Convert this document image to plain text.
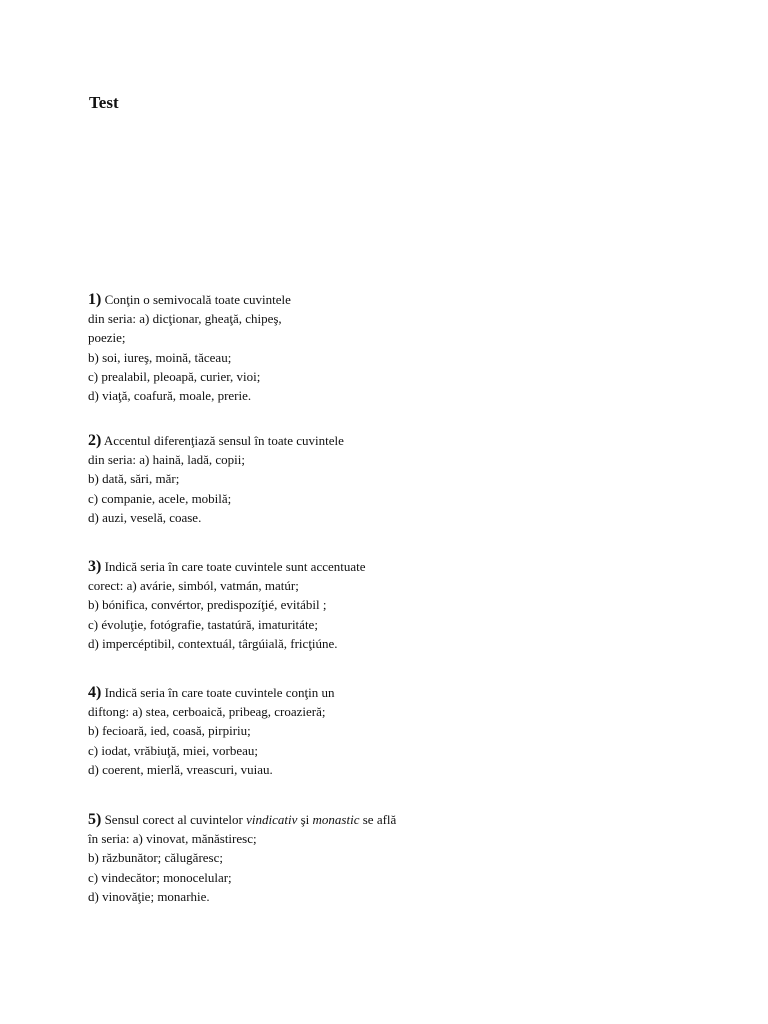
Test
1) Conţin o semivocală toate cuvintele
din seria: a) dicţionar, gheaţă, chipeş,
poezie;
b) soi, iureş, moină, tăceau;
c) prealabil, pleoapă, curier, vioi;
d) viaţă, coafură, moale, prerie.
2) Accentul diferenţiază sensul în toate cuvintele
din seria: a) haină, ladă, copii;
b) dată, sări, măr;
c) companie, acele, mobilă;
d) auzi, veselă, coase.
3) Indică seria în care toate cuvintele sunt accentuate
corect: a) avárie, simból, vatmán, matúr;
b) bónifica, convértor, predispozíţié, evitábil ;
c) évoluţie, fotógrafie, tastatúră, imaturitáte;
d) impercéptibil, contextuál, târgúială, fricţiúne.
4) Indică seria în care toate cuvintele conţin un
diftong: a) stea, cerboaică, pribeag, croazieră;
b) fecioară, ied, coasă, pirpiriu;
c) iodat, vrăbiuţă, miei, vorbeau;
d) coerent, mierlă, vreascuri, vuiau.
5) Sensul corect al cuvintelor vindicativ şi monastic se află
în seria: a) vinovat, mănăstiresc;
b) răzbunător; călugăresc;
c) vindecător; monocelular;
d) vinovăţie; monarhie.
